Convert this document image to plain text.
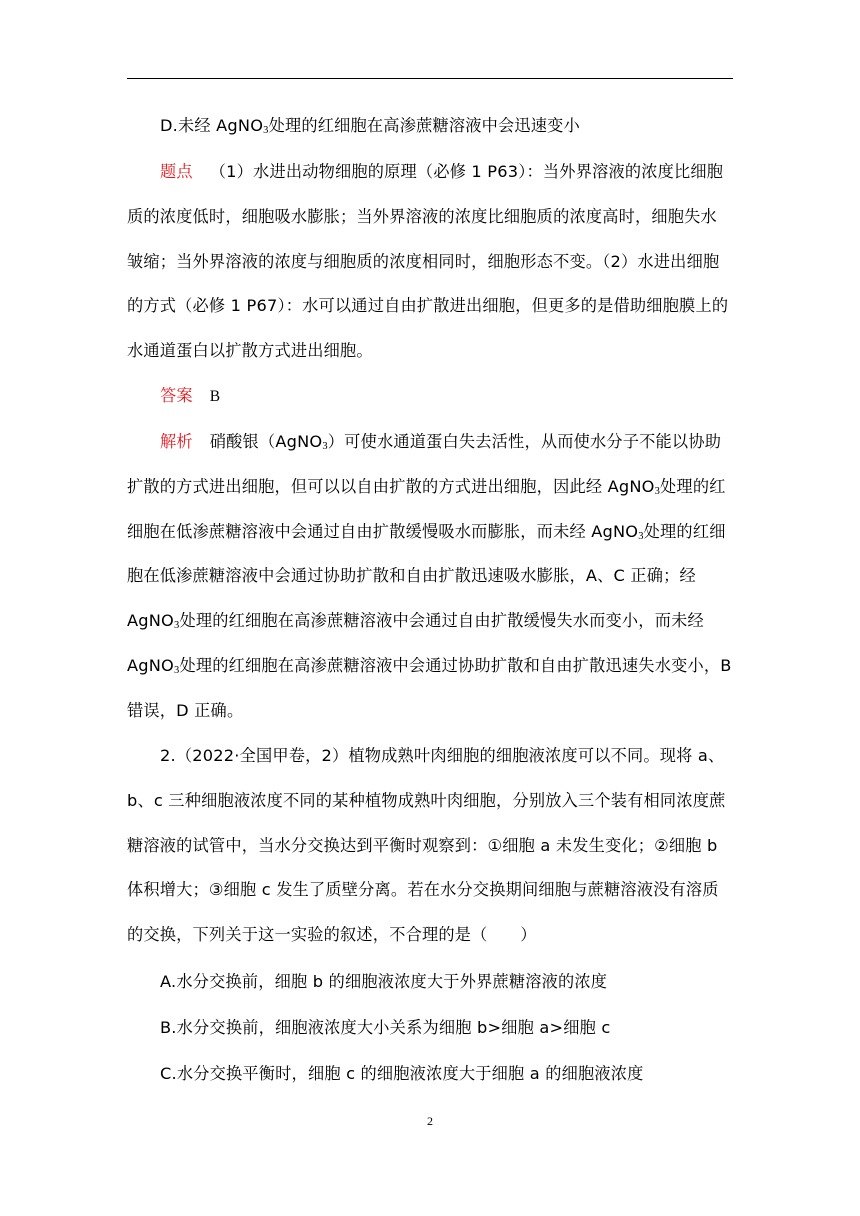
D.未经 AgNO$_3$处理的红细胞在高渗蔗糖溶液中会迅速变小

题点 （1）水进出动物细胞的原理（必修 1 P63）：当外界溶液的浓度比细胞质的浓度低时，细胞吸水膨胀；当外界溶液的浓度比细胞质的浓度高时，细胞失水皱缩；当外界溶液的浓度与细胞质的浓度相同时，细胞形态不变。（2）水进出细胞的方式（必修 1 P67）：水可以通过自由扩散进出细胞，但更多的是借助细胞膜上的水通道蛋白以扩散方式进出细胞。

答案 B

解析 硝酸银（AgNO$_3$）可使水通道蛋白失去活性，从而使水分子不能以协助扩散的方式进出细胞，但可以以自由扩散的方式进出细胞，因此经 AgNO$_3$处理的红细胞在低渗蔗糖溶液中会通过自由扩散缓慢吸水而膨胀，而未经 AgNO$_3$处理的红细胞在低渗蔗糖溶液中会通过协助扩散和自由扩散迅速吸水膨胀，A、C 正确；经 AgNO$_3$处理的红细胞在高渗蔗糖溶液中会通过自由扩散缓慢失水而变小，而未经 AgNO$_3$处理的红细胞在高渗蔗糖溶液中会通过协助扩散和自由扩散迅速失水变小，B 错误，D 正确。

2.（2022·全国甲卷，2）植物成熟叶肉细胞的细胞液浓度可以不同。现将 a、b、c 三种细胞液浓度不同的某种植物成熟叶肉细胞，分别放入三个装有相同浓度蔗糖溶液的试管中，当水分交换达到平衡时观察到：①细胞 a 未发生变化；②细胞 b 体积增大；③细胞 c 发生了质壁分离。若在水分交换期间细胞与蔗糖溶液没有溶质的交换，下列关于这一实验的叙述，不合理的是（　　）

A.水分交换前，细胞 b 的细胞液浓度大于外界蔗糖溶液的浓度

B.水分交换前，细胞液浓度大小关系为细胞 b>细胞 a>细胞 c

C.水分交换平衡时，细胞 c 的细胞液浓度大于细胞 a 的细胞液浓度

2
